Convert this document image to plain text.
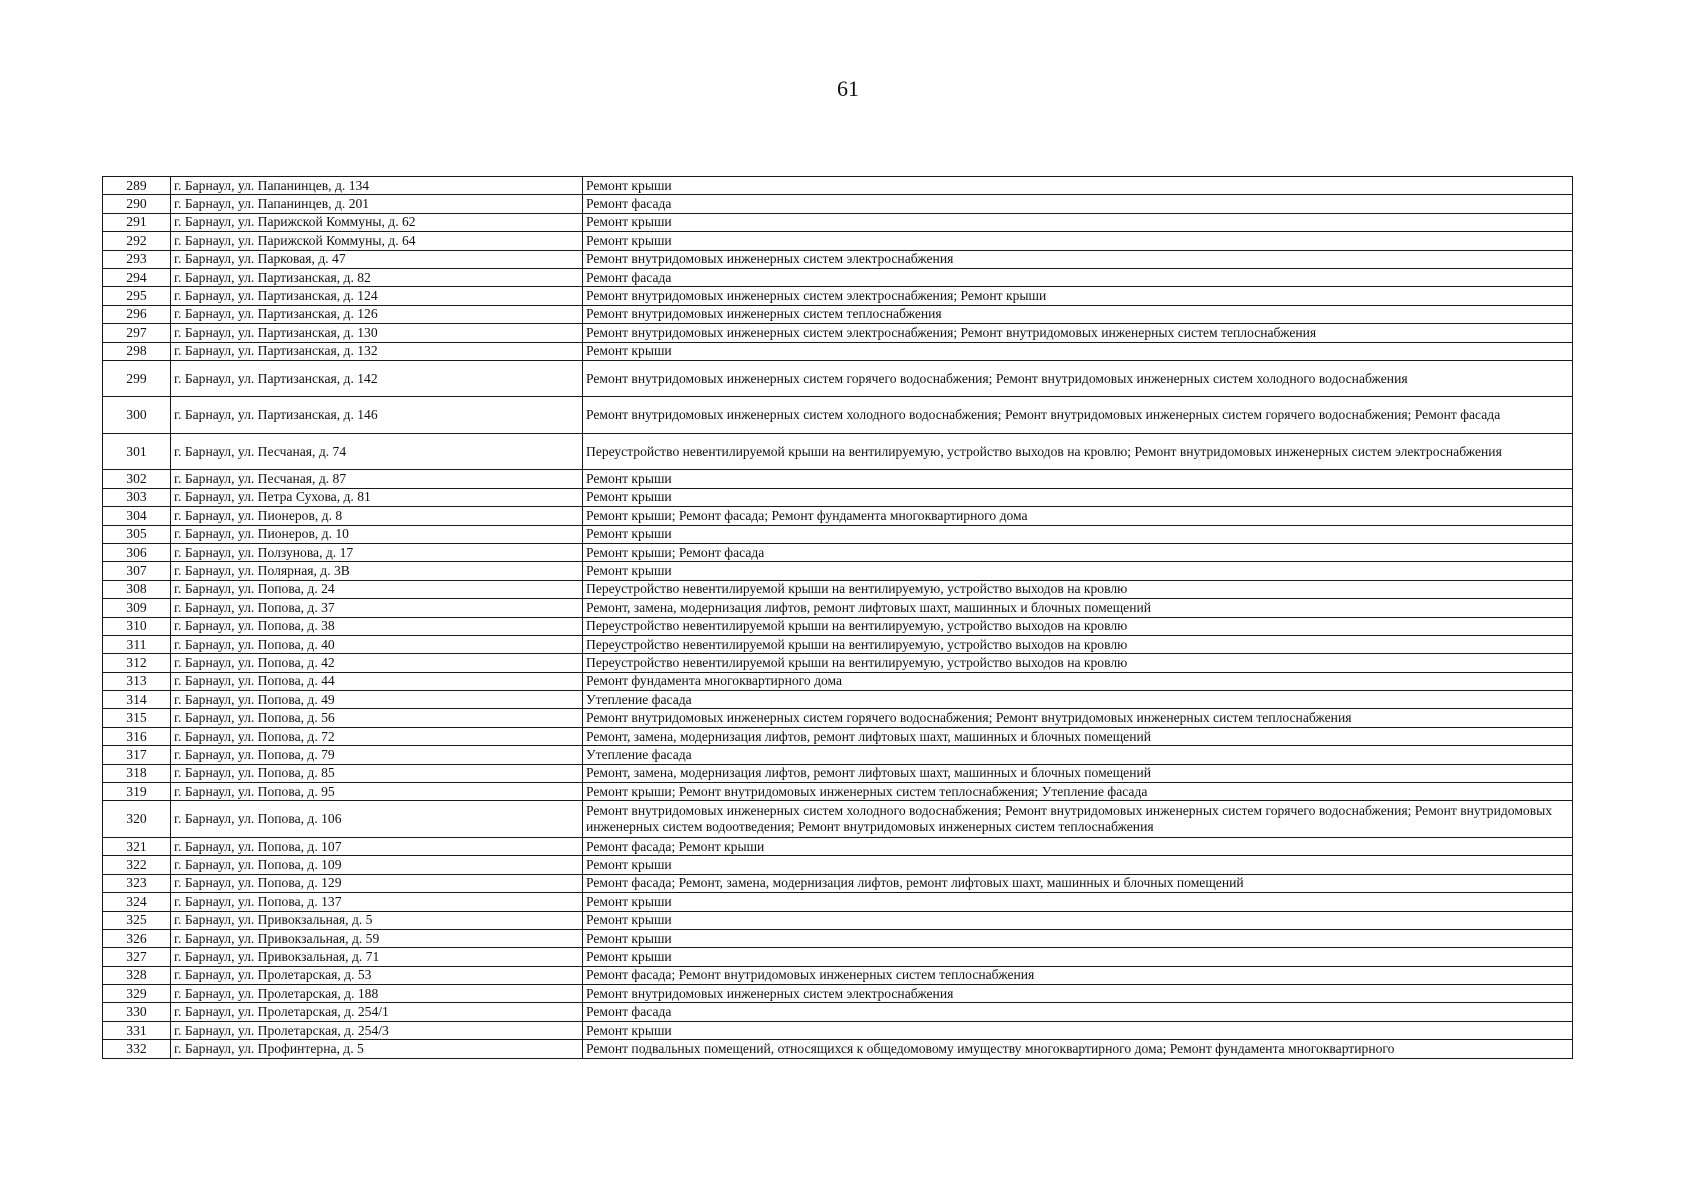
61
289	г. Барнаул, ул. Папанинцев, д. 134	Ремонт крыши
290	г. Барнаул, ул. Папанинцев, д. 201	Ремонт фасада
291	г. Барнаул, ул. Парижской Коммуны, д. 62	Ремонт крыши
292	г. Барнаул, ул. Парижской Коммуны, д. 64	Ремонт крыши
293	г. Барнаул, ул. Парковая, д. 47	Ремонт внутридомовых инженерных систем электроснабжения
294	г. Барнаул, ул. Партизанская, д. 82	Ремонт фасада
295	г. Барнаул, ул. Партизанская, д. 124	Ремонт внутридомовых инженерных систем электроснабжения; Ремонт крыши
296	г. Барнаул, ул. Партизанская, д. 126	Ремонт внутридомовых инженерных систем теплоснабжения
297	г. Барнаул, ул. Партизанская, д. 130	Ремонт внутридомовых инженерных систем электроснабжения; Ремонт внутридомовых инженерных систем теплоснабжения
298	г. Барнаул, ул. Партизанская, д. 132	Ремонт крыши
299	г. Барнаул, ул. Партизанская, д. 142	Ремонт внутридомовых инженерных систем горячего водоснабжения; Ремонт внутридомовых инженерных систем холодного водоснабжения
300	г. Барнаул, ул. Партизанская, д. 146	Ремонт внутридомовых инженерных систем холодного водоснабжения; Ремонт внутридомовых инженерных систем горячего водоснабжения; Ремонт фасада
301	г. Барнаул, ул. Песчаная, д. 74	Переустройство невентилируемой крыши на вентилируемую, устройство выходов на кровлю; Ремонт внутридомовых инженерных систем электроснабжения
302	г. Барнаул, ул. Песчаная, д. 87	Ремонт крыши
303	г. Барнаул, ул. Петра Сухова, д. 81	Ремонт крыши
304	г. Барнаул, ул. Пионеров, д. 8	Ремонт крыши; Ремонт фасада; Ремонт фундамента многоквартирного дома
305	г. Барнаул, ул. Пионеров, д. 10	Ремонт крыши
306	г. Барнаул, ул. Ползунова, д. 17	Ремонт крыши; Ремонт фасада
307	г. Барнаул, ул. Полярная, д. 3В	Ремонт крыши
308	г. Барнаул, ул. Попова, д. 24	Переустройство невентилируемой крыши на вентилируемую, устройство выходов на кровлю
309	г. Барнаул, ул. Попова, д. 37	Ремонт, замена, модернизация лифтов, ремонт лифтовых шахт, машинных и блочных помещений
310	г. Барнаул, ул. Попова, д. 38	Переустройство невентилируемой крыши на вентилируемую, устройство выходов на кровлю
311	г. Барнаул, ул. Попова, д. 40	Переустройство невентилируемой крыши на вентилируемую, устройство выходов на кровлю
312	г. Барнаул, ул. Попова, д. 42	Переустройство невентилируемой крыши на вентилируемую, устройство выходов на кровлю
313	г. Барнаул, ул. Попова, д. 44	Ремонт фундамента многоквартирного дома
314	г. Барнаул, ул. Попова, д. 49	Утепление фасада
315	г. Барнаул, ул. Попова, д. 56	Ремонт внутридомовых инженерных систем горячего водоснабжения; Ремонт внутридомовых инженерных систем теплоснабжения
316	г. Барнаул, ул. Попова, д. 72	Ремонт, замена, модернизация лифтов, ремонт лифтовых шахт, машинных и блочных помещений
317	г. Барнаул, ул. Попова, д. 79	Утепление фасада
318	г. Барнаул, ул. Попова, д. 85	Ремонт, замена, модернизация лифтов, ремонт лифтовых шахт, машинных и блочных помещений
319	г. Барнаул, ул. Попова, д. 95	Ремонт крыши; Ремонт внутридомовых инженерных систем теплоснабжения; Утепление фасада
320	г. Барнаул, ул. Попова, д. 106	Ремонт внутридомовых инженерных систем холодного водоснабжения; Ремонт внутридомовых инженерных систем горячего водоснабжения; Ремонт внутридомовых инженерных систем водоотведения; Ремонт внутридомовых инженерных систем теплоснабжения
321	г. Барнаул, ул. Попова, д. 107	Ремонт фасада; Ремонт крыши
322	г. Барнаул, ул. Попова, д. 109	Ремонт крыши
323	г. Барнаул, ул. Попова, д. 129	Ремонт фасада; Ремонт, замена, модернизация лифтов, ремонт лифтовых шахт, машинных и блочных помещений
324	г. Барнаул, ул. Попова, д. 137	Ремонт крыши
325	г. Барнаул, ул. Привокзальная, д. 5	Ремонт крыши
326	г. Барнаул, ул. Привокзальная, д. 59	Ремонт крыши
327	г. Барнаул, ул. Привокзальная, д. 71	Ремонт крыши
328	г. Барнаул, ул. Пролетарская, д. 53	Ремонт фасада; Ремонт внутридомовых инженерных систем теплоснабжения
329	г. Барнаул, ул. Пролетарская, д. 188	Ремонт внутридомовых инженерных систем электроснабжения
330	г. Барнаул, ул. Пролетарская, д. 254/1	Ремонт фасада
331	г. Барнаул, ул. Пролетарская, д. 254/3	Ремонт крыши
332	г. Барнаул, ул. Профинтерна, д. 5	Ремонт подвальных помещений, относящихся к общедомовому имуществу многоквартирного дома; Ремонт фундамента многоквартирного
